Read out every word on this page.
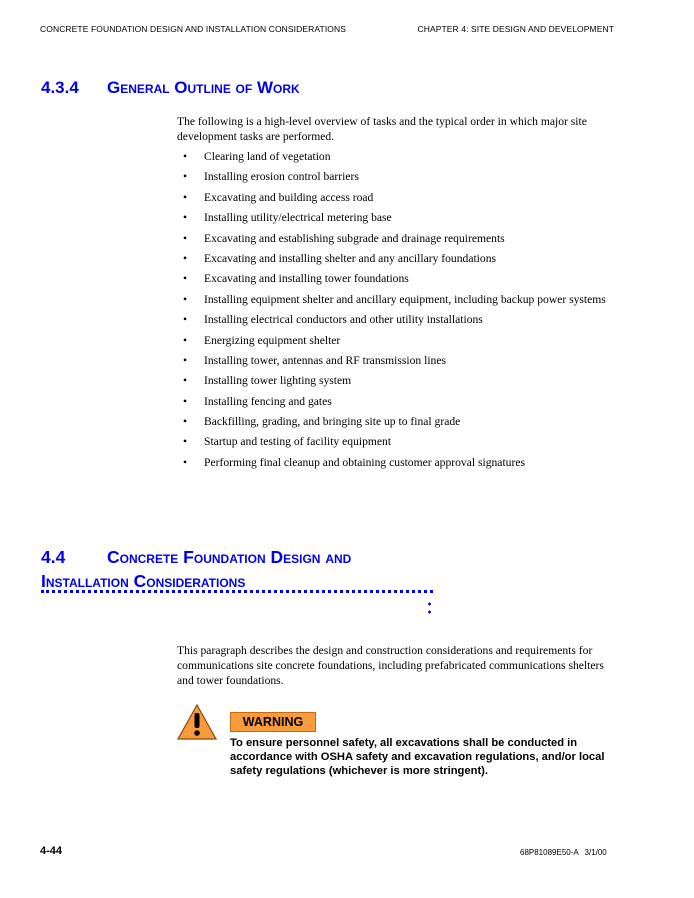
CONCRETE FOUNDATION DESIGN AND INSTALLATION CONSIDERATIONS	CHAPTER 4: SITE DESIGN AND DEVELOPMENT
4.3.4 General Outline of Work

The following is a high-level overview of tasks and the typical order in which major site development tasks are performed.

• Clearing land of vegetation
• Installing erosion control barriers
• Excavating and building access road
• Installing utility/electrical metering base
• Excavating and establishing subgrade and drainage requirements
• Excavating and installing shelter and any ancillary foundations
• Excavating and installing tower foundations
• Installing equipment shelter and ancillary equipment, including backup power systems
• Installing electrical conductors and other utility installations
• Energizing equipment shelter
• Installing tower, antennas and RF transmission lines
• Installing tower lighting system
• Installing fencing and gates
• Backfilling, grading, and bringing site up to final grade
• Startup and testing of facility equipment
• Performing final cleanup and obtaining customer approval signatures
4.4 Concrete Foundation Design and
Installation Considerations

This paragraph describes the design and construction considerations and requirements for communications site concrete foundations, including prefabricated communications shelters and tower foundations.

WARNING

To ensure personnel safety, all excavations shall be conducted in accordance with OSHA safety and excavation regulations, and/or local safety regulations (whichever is more stringent).

4-44	68P81089E50-A 3/1/00
